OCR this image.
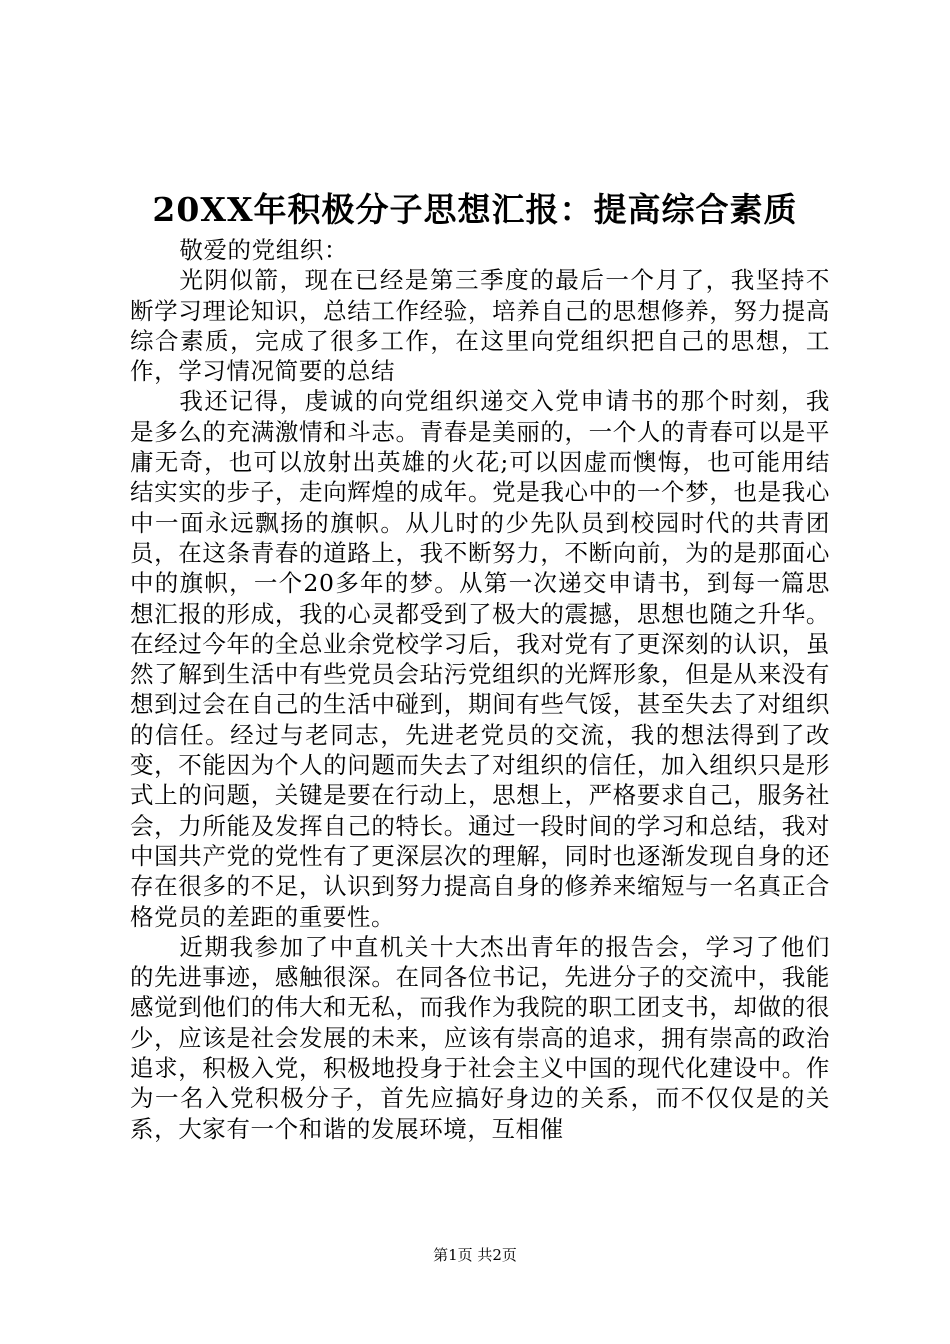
20XX年积极分子思想汇报：提高综合素质

敬爱的党组织：

光阴似箭，现在已经是第三季度的最后一个月了，我坚持不断学习理论知识，总结工作经验，培养自己的思想修养，努力提高综合素质，完成了很多工作，在这里向党组织把自己的思想，工作，学习情况简要的总结

我还记得，虔诚的向党组织递交入党申请书的那个时刻，我是多么的充满激情和斗志。青春是美丽的，一个人的青春可以是平庸无奇，也可以放射出英雄的火花;可以因虚而懊悔，也可能用结结实实的步子，走向辉煌的成年。党是我心中的一个梦，也是我心中一面永远飘扬的旗帜。从儿时的少先队员到校园时代的共青团员，在这条青春的道路上，我不断努力，不断向前，为的是那面心中的旗帜，一个20多年的梦。从第一次递交申请书，到每一篇思想汇报的形成，我的心灵都受到了极大的震撼，思想也随之升华。在经过今年的全总业余党校学习后，我对党有了更深刻的认识，虽然了解到生活中有些党员会玷污党组织的光辉形象，但是从来没有想到过会在自己的生活中碰到，期间有些气馁，甚至失去了对组织的信任。经过与老同志，先进老党员的交流，我的想法得到了改变，不能因为个人的问题而失去了对组织的信任，加入组织只是形式上的问题，关键是要在行动上，思想上，严格要求自己，服务社会，力所能及发挥自己的特长。通过一段时间的学习和总结，我对中国共产党的党性有了更深层次的理解，同时也逐渐发现自身的还存在很多的不足，认识到努力提高自身的修养来缩短与一名真正合格党员的差距的重要性。

近期我参加了中直机关十大杰出青年的报告会，学习了他们的先进事迹，感触很深。在同各位书记，先进分子的交流中，我能感觉到他们的伟大和无私，而我作为我院的职工团支书，却做的很少，应该是社会发展的未来，应该有崇高的追求，拥有崇高的政治追求，积极入党，积极地投身于社会主义中国的现代化建设中。作为一名入党积极分子，首先应搞好身边的关系，而不仅仅是的关系，大家有一个和谐的发展环境，互相催

第1页 共2页
